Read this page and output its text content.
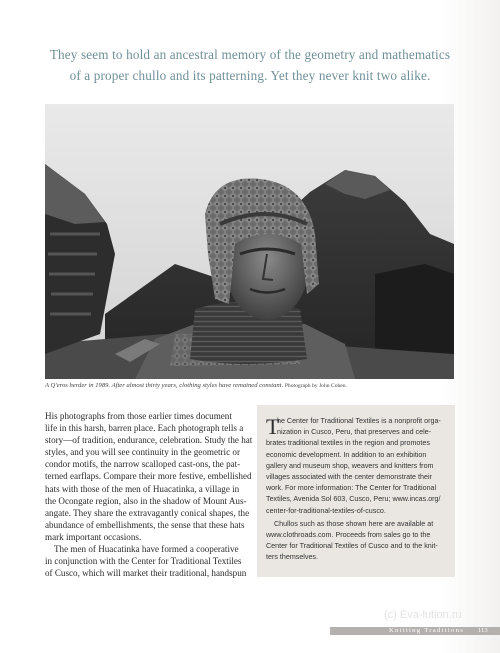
They seem to hold an ancestral memory of the geometry and mathematics
of a proper chullo and its patterning. Yet they never knit two alike.
A Q'eros herder in 1989. After almost thirty years, clothing styles have remained constant. Photograph by John Cohen.
His photographs from those earlier times document
life in this harsh, barren place. Each photograph tells a
story—of tradition, endurance, celebration. Study the hat
styles, and you will see continuity in the geometric or
condor motifs, the narrow scalloped cast-ons, the pat-
terned earflaps. Compare their more festive, embellished
hats with those of the men of Huacatinka, a village in
the Ocongate region, also in the shadow of Mount Aus-
angate. They share the extravagantly conical shapes, the
abundance of embellishments, the sense that these hats
mark important occasions.
The men of Huacatinka have formed a cooperative
in conjunction with the Center for Traditional Textiles
of Cusco, which will market their traditional, handspun
T
he Center for Traditional Textiles is a nonprofit orga-
nization in Cusco, Peru, that preserves and cele-
brates traditional textiles in the region and promotes
economic development. In addition to an exhibition
gallery and museum shop, weavers and knitters from
villages associated with the center demonstrate their
work. For more information: The Center for Traditional
Textiles, Avenida Sol 603, Cusco, Peru; www.incas.org/
center-for-traditional-textiles-of-cusco.
Chullos such as those shown here are available at
www.clothroads.com. Proceeds from sales go to the
Center for Traditional Textiles of Cusco and to the knit-
ters themselves.
(c) Eva-lution.ru
Knitting Traditions 113
